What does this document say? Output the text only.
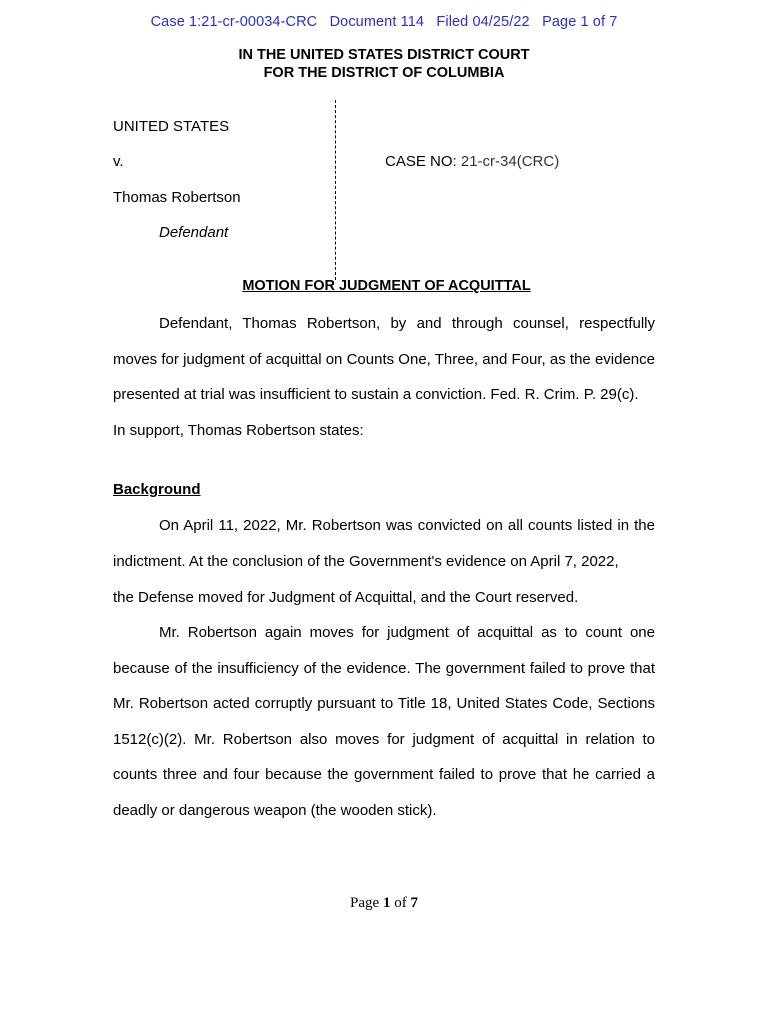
Case 1:21-cr-00034-CRC   Document 114   Filed 04/25/22   Page 1 of 7
IN THE UNITED STATES DISTRICT COURT
FOR THE DISTRICT OF COLUMBIA
UNITED STATES
v.
Thomas Robertson
Defendant
CASE NO: 21-cr-34(CRC)
MOTION FOR JUDGMENT OF ACQUITTAL

Defendant, Thomas Robertson, by and through counsel, respectfully moves for judgment of acquittal on Counts One, Three, and Four, as the evidence presented at trial was insufficient to sustain a conviction. Fed. R. Crim. P. 29(c).

In support, Thomas Robertson states:

Background

On April 11, 2022, Mr. Robertson was convicted on all counts listed in the indictment. At the conclusion of the Government's evidence on April 7, 2022,

the Defense moved for Judgment of Acquittal, and the Court reserved.

Mr. Robertson again moves for judgment of acquittal as to count one because of the insufficiency of the evidence. The government failed to prove that Mr. Robertson acted corruptly pursuant to Title 18, United States Code, Sections 1512(c)(2). Mr. Robertson also moves for judgment of acquittal in relation to counts three and four because the government failed to prove that he carried a deadly or dangerous weapon (the wooden stick).

Page 1 of 7
